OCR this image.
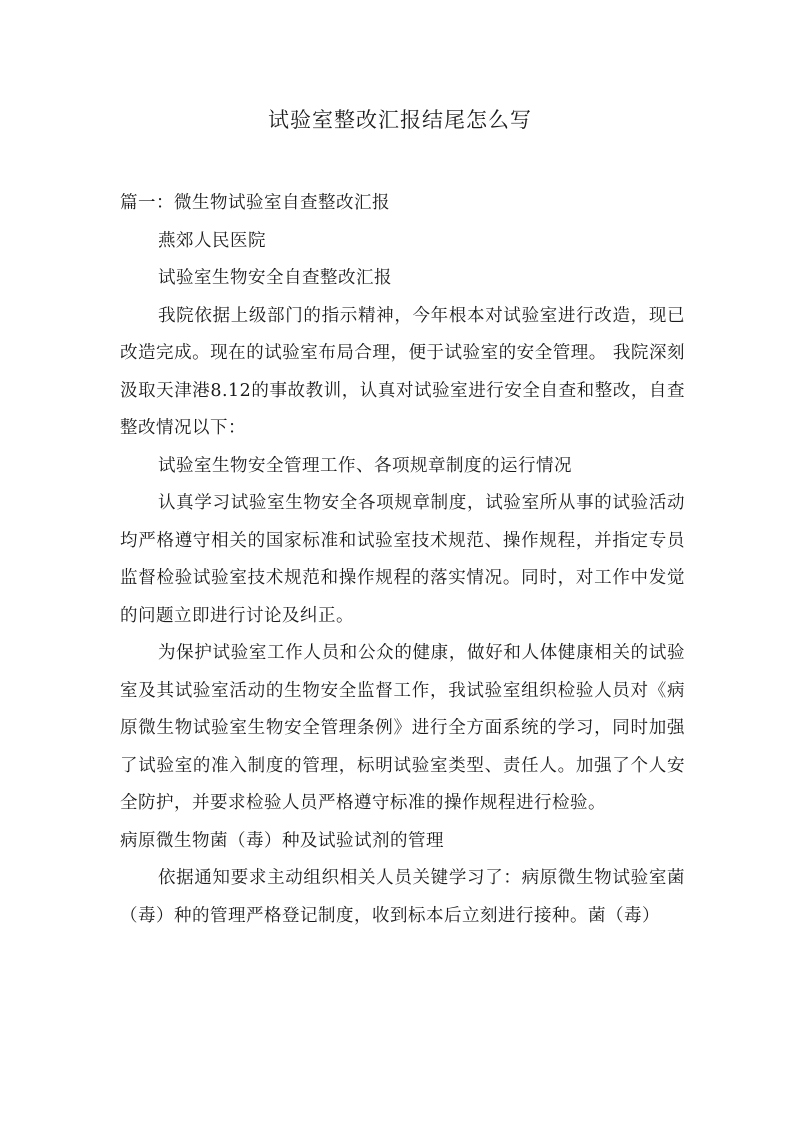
试验室整改汇报结尾怎么写

篇一：微生物试验室自查整改汇报

燕郊人民医院

试验室生物安全自查整改汇报

我院依据上级部门的指示精神，今年根本对试验室进行改造，现已改造完成。现在的试验室布局合理，便于试验室的安全管理。 我院深刻汲取天津港8.12的事故教训，认真对试验室进行安全自查和整改，自查整改情况以下：

试验室生物安全管理工作、各项规章制度的运行情况

认真学习试验室生物安全各项规章制度，试验室所从事的试验活动均严格遵守相关的国家标准和试验室技术规范、操作规程，并指定专员监督检验试验室技术规范和操作规程的落实情况。同时，对工作中发觉的问题立即进行讨论及纠正。

为保护试验室工作人员和公众的健康，做好和人体健康相关的试验室及其试验室活动的生物安全监督工作，我试验室组织检验人员对《病原微生物试验室生物安全管理条例》进行全方面系统的学习，同时加强了试验室的准入制度的管理，标明试验室类型、责任人。加强了个人安全防护，并要求检验人员严格遵守标准的操作规程进行检验。

病原微生物菌（毒）种及试验试剂的管理

依据通知要求主动组织相关人员关键学习了：病原微生物试验室菌（毒）种的管理严格登记制度，收到标本后立刻进行接种。菌（毒）
